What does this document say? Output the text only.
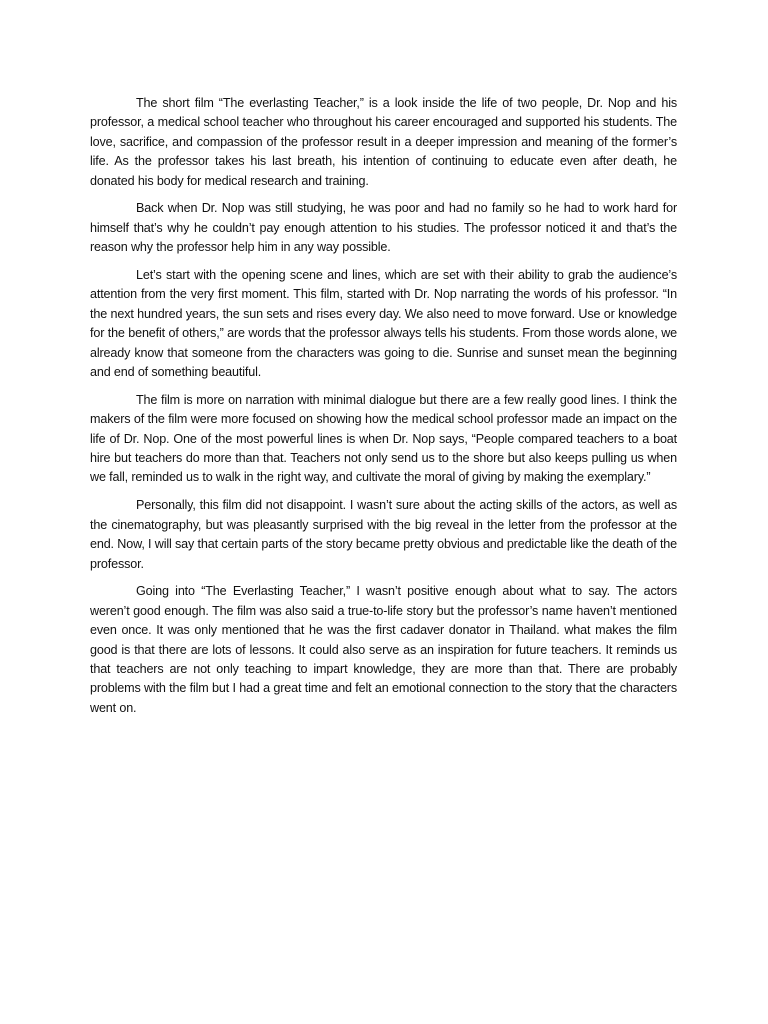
The short film “The everlasting Teacher,” is a look inside the life of two people, Dr. Nop and his professor, a medical school teacher who throughout his career encouraged and supported his students. The love, sacrifice, and compassion of the professor result in a deeper impression and meaning of the former’s life. As the professor takes his last breath, his intention of continuing to educate even after death, he donated his body for medical research and training.

Back when Dr. Nop was still studying, he was poor and had no family so he had to work hard for himself that’s why he couldn’t pay enough attention to his studies. The professor noticed it and that’s the reason why the professor help him in any way possible.

Let’s start with the opening scene and lines, which are set with their ability to grab the audience’s attention from the very first moment. This film, started with Dr. Nop narrating the words of his professor. “In the next hundred years, the sun sets and rises every day. We also need to move forward. Use or knowledge for the benefit of others,” are words that the professor always tells his students. From those words alone, we already know that someone from the characters was going to die. Sunrise and sunset mean the beginning and end of something beautiful.

The film is more on narration with minimal dialogue but there are a few really good lines. I think the makers of the film were more focused on showing how the medical school professor made an impact on the life of Dr. Nop. One of the most powerful lines is when Dr. Nop says, “People compared teachers to a boat hire but teachers do more than that. Teachers not only send us to the shore but also keeps pulling us when we fall, reminded us to walk in the right way, and cultivate the moral of giving by making the exemplary.”

Personally, this film did not disappoint. I wasn’t sure about the acting skills of the actors, as well as the cinematography, but was pleasantly surprised with the big reveal in the letter from the professor at the end. Now, I will say that certain parts of the story became pretty obvious and predictable like the death of the professor.

Going into “The Everlasting Teacher,” I wasn’t positive enough about what to say. The actors weren’t good enough. The film was also said a true-to-life story but the professor’s name haven’t mentioned even once. It was only mentioned that he was the first cadaver donator in Thailand. what makes the film good is that there are lots of lessons. It could also serve as an inspiration for future teachers. It reminds us that teachers are not only teaching to impart knowledge, they are more than that. There are probably problems with the film but I had a great time and felt an emotional connection to the story that the characters went on.
